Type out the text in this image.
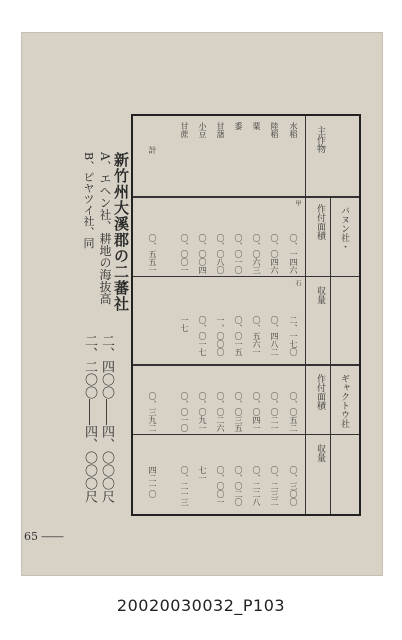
新竹州大溪郡の二蕃社
A、エヘン社、耕地の海抜高
B、ピヤツイ社、同
二、四〇〇――四、〇〇〇尺
二、二〇〇――四、〇〇〇尺
主作物
バヌン社・
ギャクトウ社
作付面積
収量
作付面積
収量
甲
石
水稻
陸稻
粟
黍
甘藷
小豆
甘蔗
計
〇、一四六
二、一七〇
〇、〇五二
〇、三〇〇
〇、〇四六
〇、四八二
〇、〇二一
〇、二三二
〇、〇六三
〇、五六一
〇、〇四一
〇、二二八
〇、〇一〇
〇、〇一五
〇、〇三五
〇、〇二〇
〇、〇八〇
一、〇〇〇
〇、〇二六
〇、〇〇一
〇、〇〇四
〇、〇一七
〇、〇九一
七一
〇、〇〇一
一七
〇、〇一〇
〇、二一三
〇、五五一
〇、三九二
四二一〇
65 ――
20020030032_P103
